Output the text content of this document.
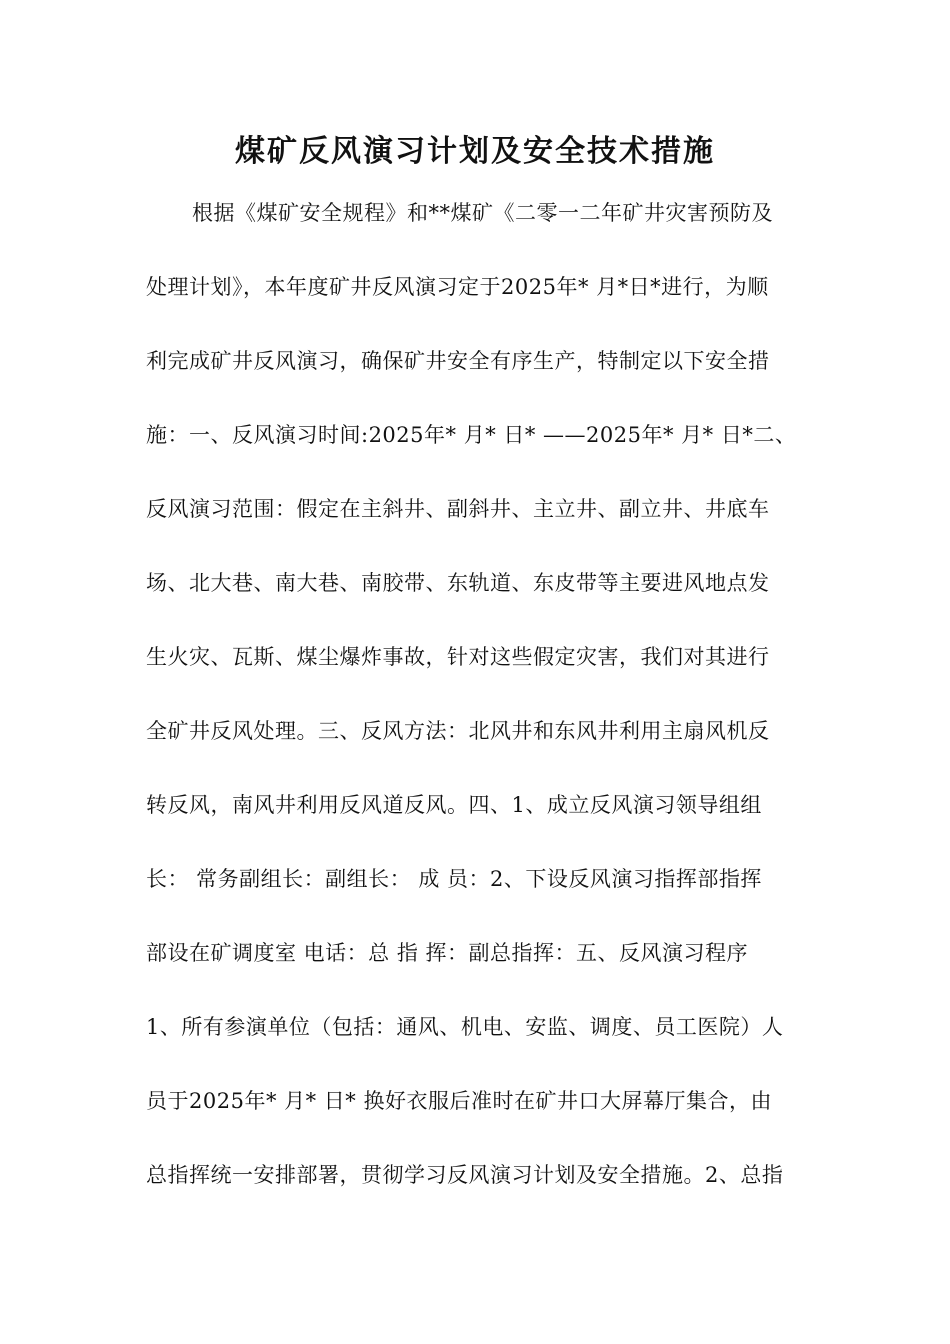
煤矿反风演习计划及安全技术措施
根据《煤矿安全规程》和**煤矿《二零一二年矿井灾害预防及
处理计划》，本年度矿井反风演习定于2025年* 月*日*进行，为顺
利完成矿井反风演习，确保矿井安全有序生产，特制定以下安全措
施：一、反风演习时间:2025年* 月* 日* ——2025年* 月* 日*二、
反风演习范围：假定在主斜井、副斜井、主立井、副立井、井底车
场、北大巷、南大巷、南胶带、东轨道、东皮带等主要进风地点发
生火灾、瓦斯、煤尘爆炸事故，针对这些假定灾害，我们对其进行
全矿井反风处理。三、反风方法：北风井和东风井利用主扇风机反
转反风，南风井利用反风道反风。四、1、成立反风演习领导组组
长： 常务副组长：副组长： 成 员：2、下设反风演习指挥部指挥
部设在矿调度室 电话：总 指 挥：副总指挥：五、反风演习程序
1、所有参演单位（包括：通风、机电、安监、调度、员工医院）人
员于2025年* 月* 日* 换好衣服后准时在矿井口大屏幕厅集合，由
总指挥统一安排部署，贯彻学习反风演习计划及安全措施。2、总指
